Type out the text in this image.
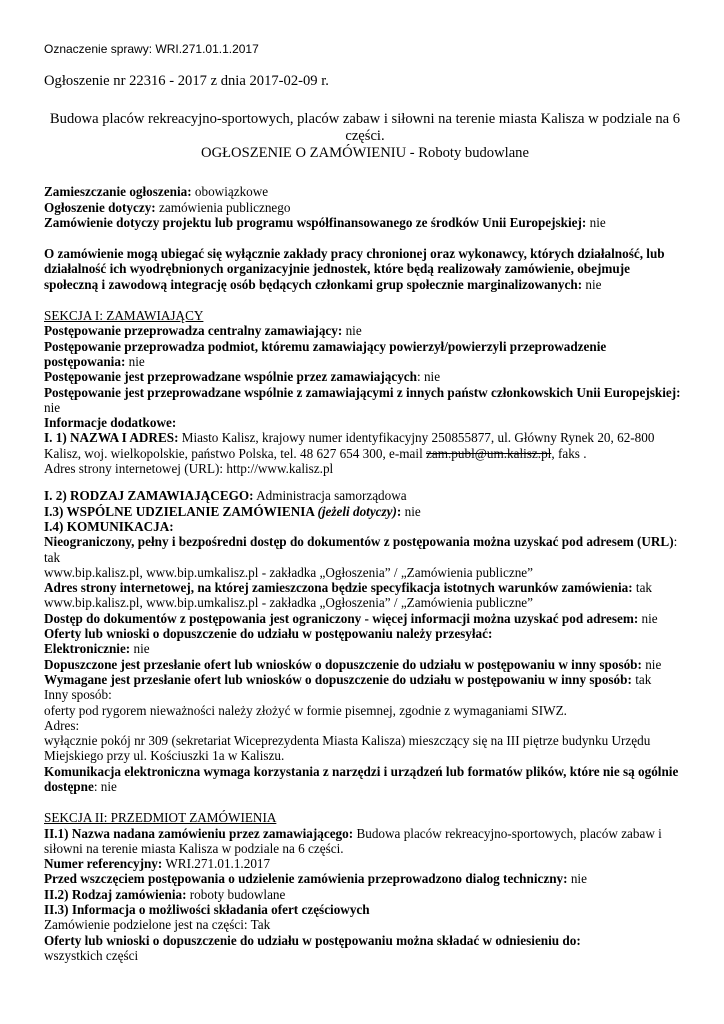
Oznaczenie sprawy: WRI.271.01.1.2017

Ogłoszenie nr 22316 - 2017 z dnia 2017-02-09 r.

Budowa placów rekreacyjno-sportowych, placów zabaw i siłowni na terenie miasta Kalisza w podziale na 6 części.

OGŁOSZENIE O ZAMÓWIENIU - Roboty budowlane

Zamieszczanie ogłoszenia: obowiązkowe

Ogłoszenie dotyczy: zamówienia publicznego

Zamówienie dotyczy projektu lub programu współfinansowanego ze środków Unii Europejskiej: nie

O zamówienie mogą ubiegać się wyłącznie zakłady pracy chronionej oraz wykonawcy, których działalność, lub działalność ich wyodrębnionych organizacyjnie jednostek, które będą realizowały zamówienie, obejmuje społeczną i zawodową integrację osób będących członkami grup społecznie marginalizowanych: nie

SEKCJA I: ZAMAWIAJĄCY

Postępowanie przeprowadza centralny zamawiający: nie

Postępowanie przeprowadza podmiot, któremu zamawiający powierzył/powierzyli przeprowadzenie postępowania: nie

Postępowanie jest przeprowadzane wspólnie przez zamawiających: nie

Postępowanie jest przeprowadzane wspólnie z zamawiającymi z innych państw członkowskich Unii Europejskiej: nie

Informacje dodatkowe:

I. 1) NAZWA I ADRES: Miasto Kalisz, krajowy numer identyfikacyjny 250855877, ul. Główny Rynek 20, 62-800 Kalisz, woj. wielkopolskie, państwo Polska, tel. 48 627 654 300, e-mail zam.publ@um.kalisz.pl, faks .

Adres strony internetowej (URL): http://www.kalisz.pl

I. 2) RODZAJ ZAMAWIAJĄCEGO: Administracja samorządowa

I.3) WSPÓLNE UDZIELANIE ZAMÓWIENIA (jeżeli dotyczy): nie

I.4) KOMUNIKACJA:

Nieograniczony, pełny i bezpośredni dostęp do dokumentów z postępowania można uzyskać pod adresem (URL): tak

www.bip.kalisz.pl, www.bip.umkalisz.pl - zakładka „Ogłoszenia” / „Zamówienia publiczne”

Adres strony internetowej, na której zamieszczona będzie specyfikacja istotnych warunków zamówienia: tak

www.bip.kalisz.pl, www.bip.umkalisz.pl - zakładka „Ogłoszenia” / „Zamówienia publiczne”

Dostęp do dokumentów z postępowania jest ograniczony - więcej informacji można uzyskać pod adresem: nie

Oferty lub wnioski o dopuszczenie do udziału w postępowaniu należy przesyłać:

Elektronicznie: nie

Dopuszczone jest przesłanie ofert lub wniosków o dopuszczenie do udziału w postępowaniu w inny sposób: nie

Wymagane jest przesłanie ofert lub wniosków o dopuszczenie do udziału w postępowaniu w inny sposób: tak

Inny sposób:

oferty pod rygorem nieważności należy złożyć w formie pisemnej, zgodnie z wymaganiami SIWZ.

Adres:

wyłącznie pokój nr 309 (sekretariat Wiceprezydenta Miasta Kalisza) mieszczący się na III piętrze budynku Urzędu Miejskiego przy ul. Kościuszki 1a w Kaliszu.

Komunikacja elektroniczna wymaga korzystania z narzędzi i urządzeń lub formatów plików, które nie są ogólnie dostępne: nie

SEKCJA II: PRZEDMIOT ZAMÓWIENIA

II.1) Nazwa nadana zamówieniu przez zamawiającego: Budowa placów rekreacyjno-sportowych, placów zabaw i siłowni na terenie miasta Kalisza w podziale na 6 części.

Numer referencyjny: WRI.271.01.1.2017

Przed wszczęciem postępowania o udzielenie zamówienia przeprowadzono dialog techniczny: nie

II.2) Rodzaj zamówienia: roboty budowlane

II.3) Informacja o możliwości składania ofert częściowych

Zamówienie podzielone jest na części: Tak

Oferty lub wnioski o dopuszczenie do udziału w postępowaniu można składać w odniesieniu do:

wszystkich części
